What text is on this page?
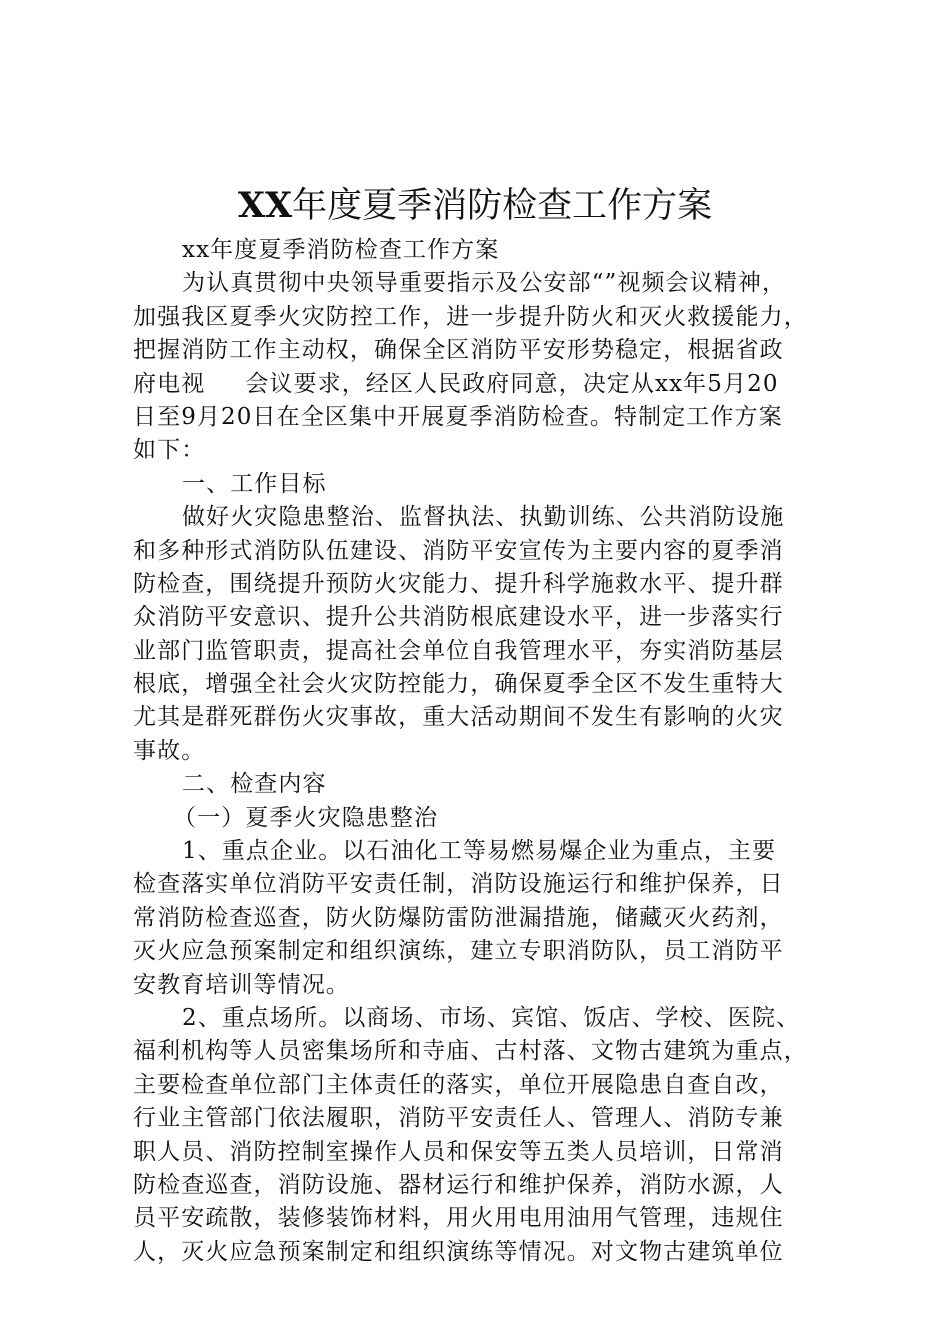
XX年度夏季消防检查工作方案
xx年度夏季消防检查工作方案
为认真贯彻中央领导重要指示及公安部“”视频会议精神，
加强我区夏季火灾防控工作，进一步提升防火和灭火救援能力，
把握消防工作主动权，确保全区消防平安形势稳定，根据省政
府电视 会议要求，经区人民政府同意，决定从xx年5月20
日至9月20日在全区集中开展夏季消防检查。特制定工作方案
如下：
一、工作目标
做好火灾隐患整治、监督执法、执勤训练、公共消防设施
和多种形式消防队伍建设、消防平安宣传为主要内容的夏季消
防检查，围绕提升预防火灾能力、提升科学施救水平、提升群
众消防平安意识、提升公共消防根底建设水平，进一步落实行
业部门监管职责，提高社会单位自我管理水平，夯实消防基层
根底，增强全社会火灾防控能力，确保夏季全区不发生重特大
尤其是群死群伤火灾事故，重大活动期间不发生有影响的火灾
事故。
二、检查内容
（一）夏季火灾隐患整治
1、重点企业。以石油化工等易燃易爆企业为重点，主要
检查落实单位消防平安责任制，消防设施运行和维护保养，日
常消防检查巡查，防火防爆防雷防泄漏措施，储藏灭火药剂，
灭火应急预案制定和组织演练，建立专职消防队，员工消防平
安教育培训等情况。
2、重点场所。以商场、市场、宾馆、饭店、学校、医院、
福利机构等人员密集场所和寺庙、古村落、文物古建筑为重点，
主要检查单位部门主体责任的落实，单位开展隐患自查自改，
行业主管部门依法履职，消防平安责任人、管理人、消防专兼
职人员、消防控制室操作人员和保安等五类人员培训，日常消
防检查巡查，消防设施、器材运行和维护保养，消防水源，人
员平安疏散，装修装饰材料，用火用电用油用气管理，违规住
人，灭火应急预案制定和组织演练等情况。对文物古建筑单位
